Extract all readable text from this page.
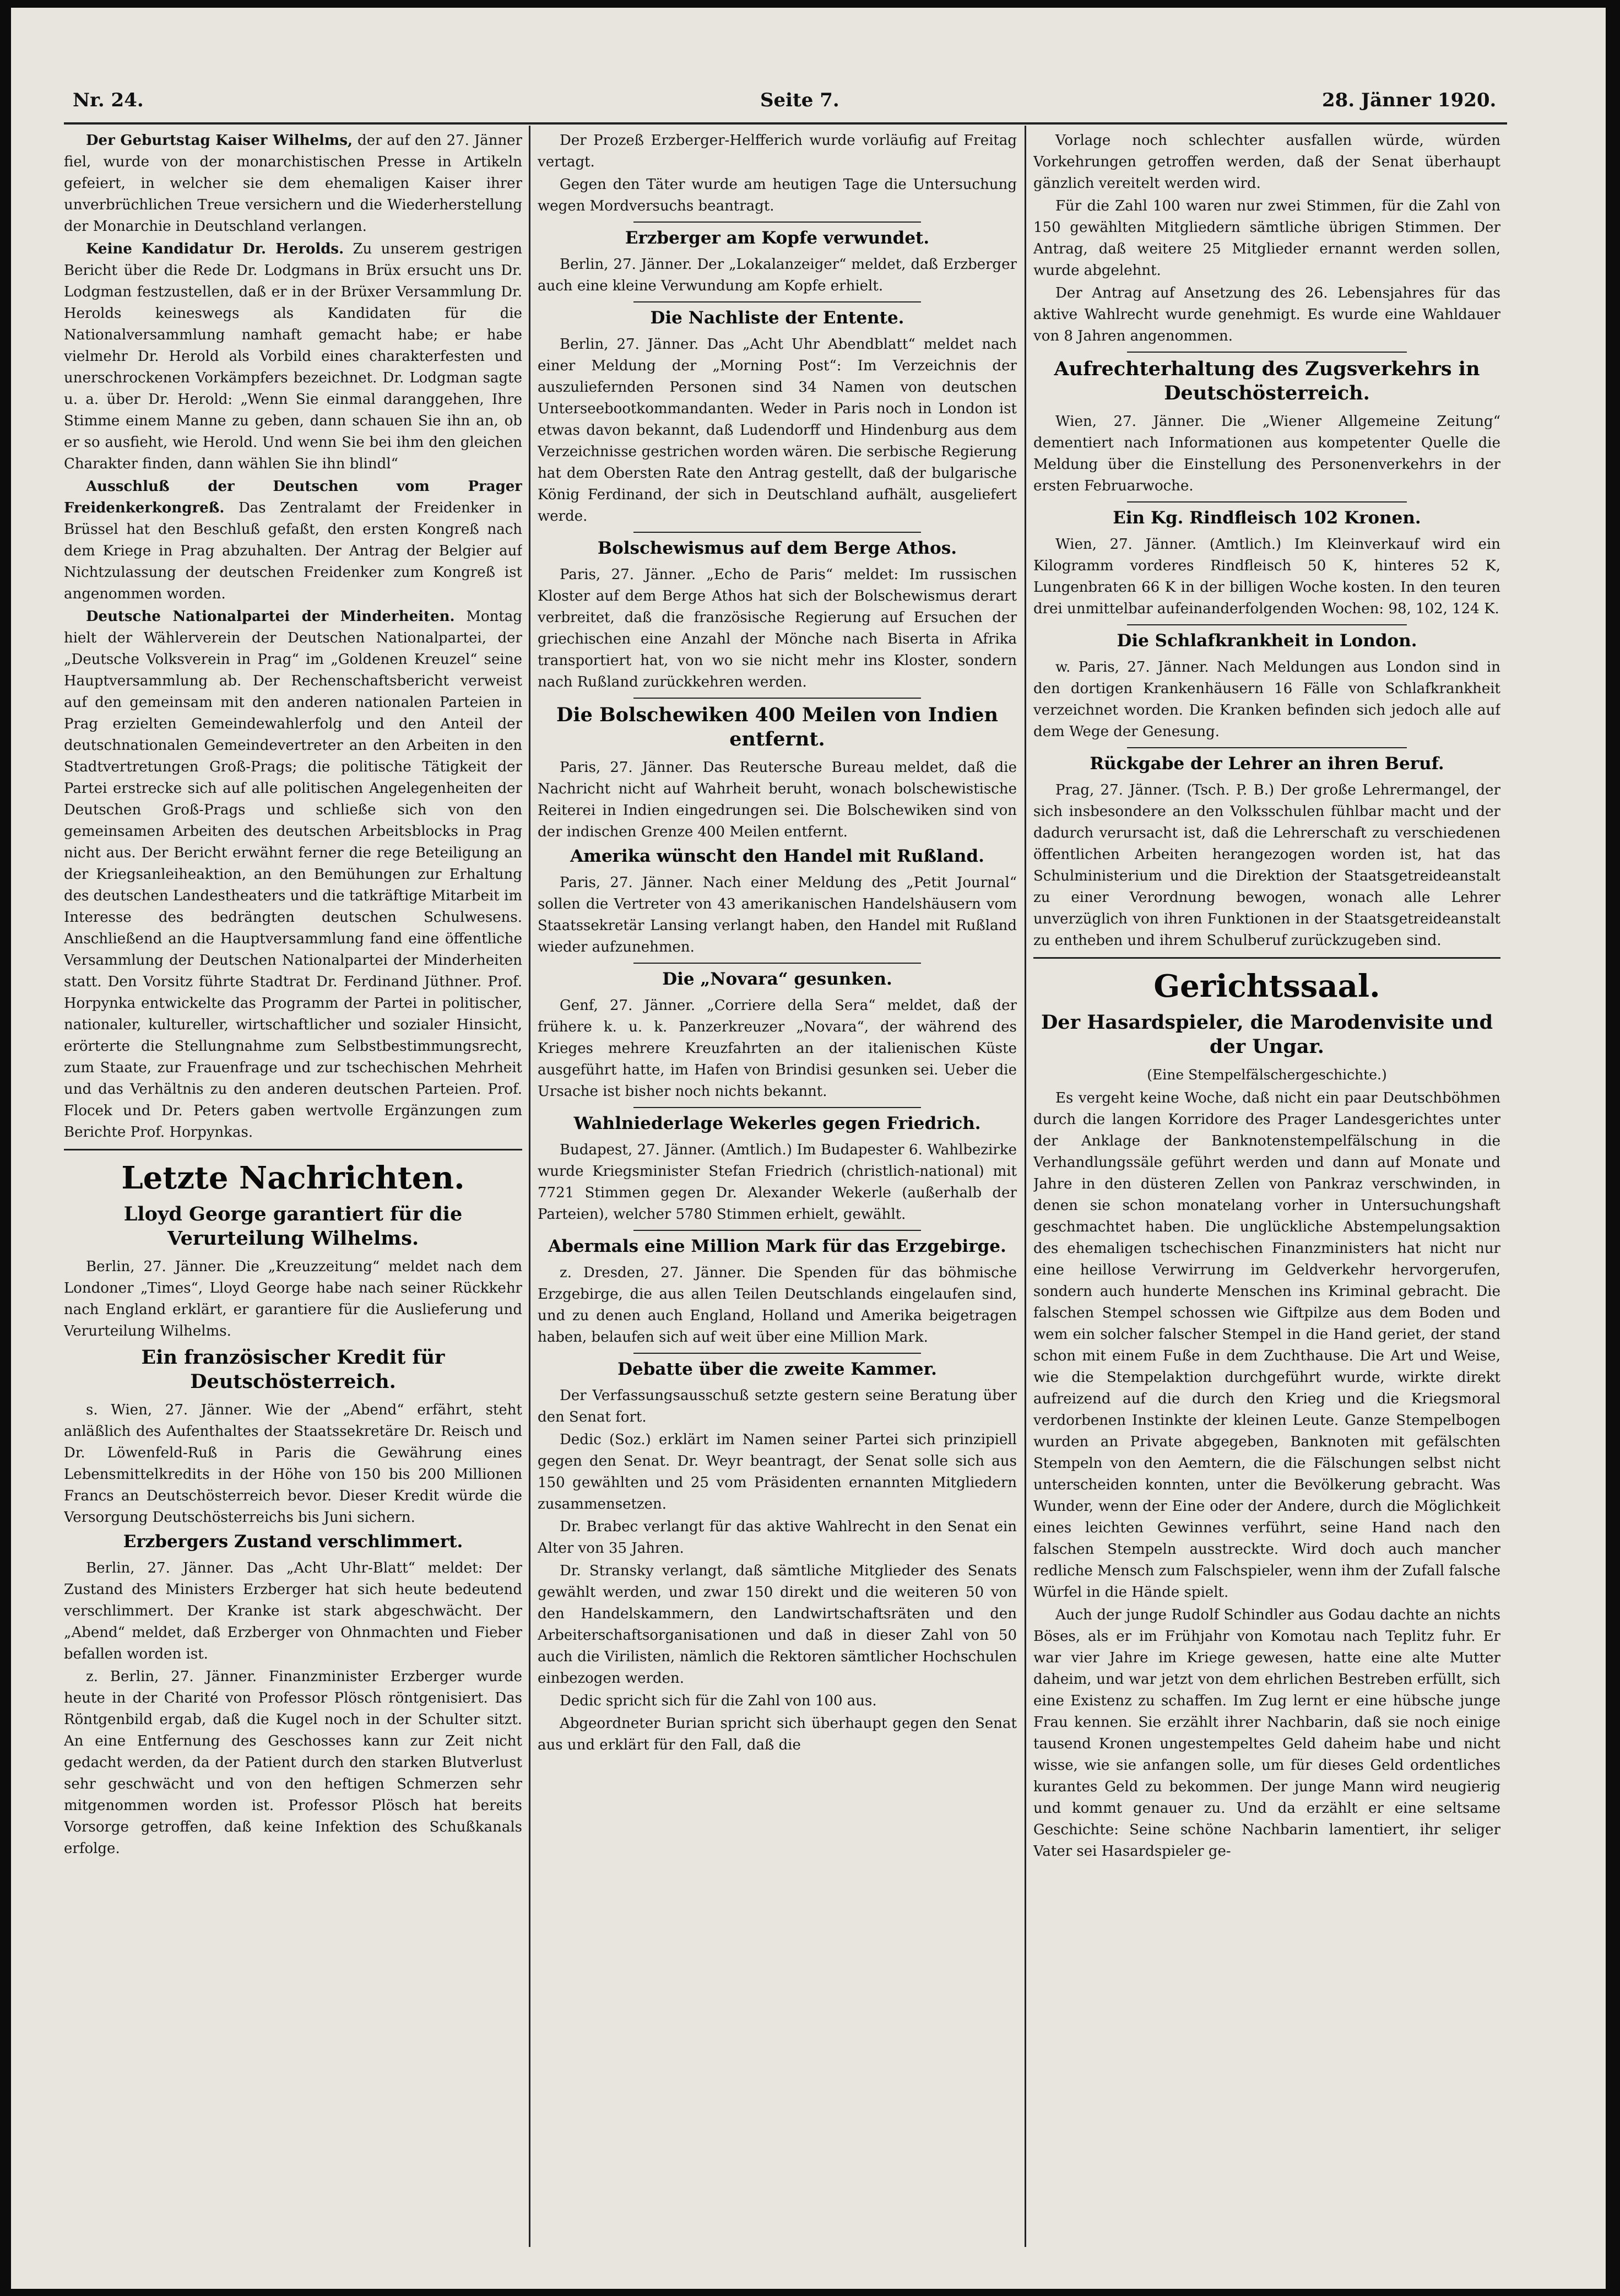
Nr. 24.	Seite 7.	28. Jänner 1920.

Der Geburtstag Kaiser Wilhelms, der auf den 27. Jänner fiel, wurde von der monarchistischen Presse in Artikeln gefeiert, in welcher sie dem ehemaligen Kaiser ihrer unverbrüchlichen Treue versichern und die Wiederherstellung der Monarchie in Deutschland verlangen.

Keine Kandidatur Dr. Herolds. Zu unserem gestrigen Bericht über die Rede Dr. Lodgmans in Brüx ersucht uns Dr. Lodgman festzustellen, daß er in der Brüxer Versammlung Dr. Herolds keineswegs als Kandidaten für die Nationalversammlung namhaft gemacht habe; er habe vielmehr Dr. Herold als Vorbild eines charakterfesten und unerschrockenen Vorkämpfers bezeichnet. Dr. Lodgman sagte u. a. über Dr. Herold: „Wenn Sie einmal daranggehen, Ihre Stimme einem Manne zu geben, dann schauen Sie ihn an, ob er so ausfieht, wie Herold. Und wenn Sie bei ihm den gleichen Charakter finden, dann wählen Sie ihn blindl“

Ausschluß der Deutschen vom Prager Freidenkerkongreß. Das Zentralamt der Freidenker in Brüssel hat den Beschluß gefaßt, den ersten Kongreß nach dem Kriege in Prag abzuhalten. Der Antrag der Belgier auf Nichtzulassung der deutschen Freidenker zum Kongreß ist angenommen worden.

Deutsche Nationalpartei der Minderheiten. Montag hielt der Wählerverein der Deutschen Nationalpartei, der „Deutsche Volksverein in Prag“ im „Goldenen Kreuzel“ seine Hauptversammlung ab. Der Rechenschaftsbericht verweist auf den gemeinsam mit den anderen nationalen Parteien in Prag erzielten Gemeindewahlerfolg und den Anteil der deutschnationalen Gemeindevertreter an den Arbeiten in den Stadtvertretungen Groß-Prags; die politische Tätigkeit der Partei erstrecke sich auf alle politischen Angelegenheiten der Deutschen Groß-Prags und schließe sich von den gemeinsamen Arbeiten des deutschen Arbeitsblocks in Prag nicht aus. Der Bericht erwähnt ferner die rege Beteiligung an der Kriegsanleiheaktion, an den Bemühungen zur Erhaltung des deutschen Landestheaters und die tatkräftige Mitarbeit im Interesse des bedrängten deutschen Schulwesens. Anschließend an die Hauptversammlung fand eine öffentliche Versammlung der Deutschen Nationalpartei der Minderheiten statt. Den Vorsitz führte Stadtrat Dr. Ferdinand Jüthner. Prof. Horpynka entwickelte das Programm der Partei in politischer, nationaler, kultureller, wirtschaftlicher und sozialer Hinsicht, erörterte die Stellungnahme zum Selbstbestimmungsrecht, zum Staate, zur Frauenfrage und zur tschechischen Mehrheit und das Verhältnis zu den anderen deutschen Parteien. Prof. Flocek und Dr. Peters gaben wertvolle Ergänzungen zum Berichte Prof. Horpynkas.

Letzte Nachrichten.
Lloyd George garantiert für die Verurteilung Wilhelms.

Berlin, 27. Jänner. Die „Kreuzzeitung“ meldet nach dem Londoner „Times“, Lloyd George habe nach seiner Rückkehr nach England erklärt, er garantiere für die Auslieferung und Verurteilung Wilhelms.

Ein französischer Kredit für Deutschösterreich.

s. Wien, 27. Jänner. Wie der „Abend“ erfährt, steht anläßlich des Aufenthaltes der Staatssekretäre Dr. Reisch und Dr. Löwenfeld-Ruß in Paris die Gewährung eines Lebensmittelkredits in der Höhe von 150 bis 200 Millionen Francs an Deutschösterreich bevor. Dieser Kredit würde die Versorgung Deutschösterreichs bis Juni sichern.

Erzbergers Zustand verschlimmert.

Berlin, 27. Jänner. Das „Acht Uhr-Blatt“ meldet: Der Zustand des Ministers Erzberger hat sich heute bedeutend verschlimmert. Der Kranke ist stark abgeschwächt. Der „Abend“ meldet, daß Erzberger von Ohnmachten und Fieber befallen worden ist.

z. Berlin, 27. Jänner. Finanzminister Erzberger wurde heute in der Charité von Professor Plösch röntgenisiert. Das Röntgenbild ergab, daß die Kugel noch in der Schulter sitzt. An eine Entfernung des Geschosses kann zur Zeit nicht gedacht werden, da der Patient durch den starken Blutverlust sehr geschwächt und von den heftigen Schmerzen sehr mitgenommen worden ist. Professor Plösch hat bereits Vorsorge getroffen, daß keine Infektion des Schußkanals erfolge.

Der Prozeß Erzberger-Helfferich wurde vorläufig auf Freitag vertagt.

Gegen den Täter wurde am heutigen Tage die Untersuchung wegen Mordversuchs beantragt.

Erzberger am Kopfe verwundet.

Berlin, 27. Jänner. Der „Lokalanzeiger“ meldet, daß Erzberger auch eine kleine Verwundung am Kopfe erhielt.

Die Nachliste der Entente.

Berlin, 27. Jänner. Das „Acht Uhr Abendblatt“ meldet nach einer Meldung der „Morning Post“: Im Verzeichnis der auszuliefernden Personen sind 34 Namen von deutschen Unterseebootkommandanten. Weder in Paris noch in London ist etwas davon bekannt, daß Ludendorff und Hindenburg aus dem Verzeichnisse gestrichen worden wären. Die serbische Regierung hat dem Obersten Rate den Antrag gestellt, daß der bulgarische König Ferdinand, der sich in Deutschland aufhält, ausgeliefert werde.

Bolschewismus auf dem Berge Athos.

Paris, 27. Jänner. „Echo de Paris“ meldet: Im russischen Kloster auf dem Berge Athos hat sich der Bolschewismus derart verbreitet, daß die französische Regierung auf Ersuchen der griechischen eine Anzahl der Mönche nach Biserta in Afrika transportiert hat, von wo sie nicht mehr ins Kloster, sondern nach Rußland zurückkehren werden.

Die Bolschewiken 400 Meilen von Indien entfernt.

Paris, 27. Jänner. Das Reutersche Bureau meldet, daß die Nachricht nicht auf Wahrheit beruht, wonach bolschewistische Reiterei in Indien eingedrungen sei. Die Bolschewiken sind von der indischen Grenze 400 Meilen entfernt.

Amerika wünscht den Handel mit Rußland.

Paris, 27. Jänner. Nach einer Meldung des „Petit Journal“ sollen die Vertreter von 43 amerikanischen Handelshäusern vom Staatssekretär Lansing verlangt haben, den Handel mit Rußland wieder aufzunehmen.

Die „Novara“ gesunken.

Genf, 27. Jänner. „Corriere della Sera“ meldet, daß der frühere k. u. k. Panzerkreuzer „Novara“, der während des Krieges mehrere Kreuzfahrten an der italienischen Küste ausgeführt hatte, im Hafen von Brindisi gesunken sei. Ueber die Ursache ist bisher noch nichts bekannt.

Wahlniederlage Wekerles gegen Friedrich.

Budapest, 27. Jänner. (Amtlich.) Im Budapester 6. Wahlbezirke wurde Kriegsminister Stefan Friedrich (christlich-national) mit 7721 Stimmen gegen Dr. Alexander Wekerle (außerhalb der Parteien), welcher 5780 Stimmen erhielt, gewählt.

Abermals eine Million Mark für das Erzgebirge.

z. Dresden, 27. Jänner. Die Spenden für das böhmische Erzgebirge, die aus allen Teilen Deutschlands eingelaufen sind, und zu denen auch England, Holland und Amerika beigetragen haben, belaufen sich auf weit über eine Million Mark.

Debatte über die zweite Kammer.

Der Verfassungsausschuß setzte gestern seine Beratung über den Senat fort.

Dedic (Soz.) erklärt im Namen seiner Partei sich prinzipiell gegen den Senat. Dr. Weyr beantragt, der Senat solle sich aus 150 gewählten und 25 vom Präsidenten ernannten Mitgliedern zusammensetzen.

Dr. Brabec verlangt für das aktive Wahlrecht in den Senat ein Alter von 35 Jahren.

Dr. Stransky verlangt, daß sämtliche Mitglieder des Senats gewählt werden, und zwar 150 direkt und die weiteren 50 von den Handelskammern, den Landwirtschaftsräten und den Arbeiterschaftsorganisationen und daß in dieser Zahl von 50 auch die Virilisten, nämlich die Rektoren sämtlicher Hochschulen einbezogen werden.

Dedic spricht sich für die Zahl von 100 aus.

Abgeordneter Burian spricht sich überhaupt gegen den Senat aus und erklärt für den Fall, daß die

Vorlage noch schlechter ausfallen würde, würden Vorkehrungen getroffen werden, daß der Senat überhaupt gänzlich vereitelt werden wird.

Für die Zahl 100 waren nur zwei Stimmen, für die Zahl von 150 gewählten Mitgliedern sämtliche übrigen Stimmen. Der Antrag, daß weitere 25 Mitglieder ernannt werden sollen, wurde abgelehnt.

Der Antrag auf Ansetzung des 26. Lebensjahres für das aktive Wahlrecht wurde genehmigt. Es wurde eine Wahldauer von 8 Jahren angenommen.

Aufrechterhaltung des Zugsverkehrs in Deutschösterreich.

Wien, 27. Jänner. Die „Wiener Allgemeine Zeitung“ dementiert nach Informationen aus kompetenter Quelle die Meldung über die Einstellung des Personenverkehrs in der ersten Februarwoche.

Ein Kg. Rindfleisch 102 Kronen.

Wien, 27. Jänner. (Amtlich.) Im Kleinverkauf wird ein Kilogramm vorderes Rindfleisch 50 K, hinteres 52 K, Lungenbraten 66 K in der billigen Woche kosten. In den teuren drei unmittelbar aufeinanderfolgenden Wochen: 98, 102, 124 K.

Die Schlafkrankheit in London.

w. Paris, 27. Jänner. Nach Meldungen aus London sind in den dortigen Krankenhäusern 16 Fälle von Schlafkrankheit verzeichnet worden. Die Kranken befinden sich jedoch alle auf dem Wege der Genesung.

Rückgabe der Lehrer an ihren Beruf.

Prag, 27. Jänner. (Tsch. P. B.) Der große Lehrermangel, der sich insbesondere an den Volksschulen fühlbar macht und der dadurch verursacht ist, daß die Lehrerschaft zu verschiedenen öffentlichen Arbeiten herangezogen worden ist, hat das Schulministerium und die Direktion der Staatsgetreideanstalt zu einer Verordnung bewogen, wonach alle Lehrer unverzüglich von ihren Funktionen in der Staatsgetreideanstalt zu entheben und ihrem Schulberuf zurückzugeben sind.

Gerichtssaal.
Der Hasardspieler, die Marodenvisite und der Ungar.
(Eine Stempelfälschergeschichte.)

Es vergeht keine Woche, daß nicht ein paar Deutschböhmen durch die langen Korridore des Prager Landesgerichtes unter der Anklage der Banknotenstempelfälschung in die Verhandlungssäle geführt werden und dann auf Monate und Jahre in den düsteren Zellen von Pankraz verschwinden, in denen sie schon monatelang vorher in Untersuchungshaft geschmachtet haben. Die unglückliche Abstempelungsaktion des ehemaligen tschechischen Finanzministers hat nicht nur eine heillose Verwirrung im Geldverkehr hervorgerufen, sondern auch hunderte Menschen ins Kriminal gebracht. Die falschen Stempel schossen wie Giftpilze aus dem Boden und wem ein solcher falscher Stempel in die Hand geriet, der stand schon mit einem Fuße in dem Zuchthause. Die Art und Weise, wie die Stempelaktion durchgeführt wurde, wirkte direkt aufreizend auf die durch den Krieg und die Kriegsmoral verdorbenen Instinkte der kleinen Leute. Ganze Stempelbogen wurden an Private abgegeben, Banknoten mit gefälschten Stempeln von den Aemtern, die die Fälschungen selbst nicht unterscheiden konnten, unter die Bevölkerung gebracht. Was Wunder, wenn der Eine oder der Andere, durch die Möglichkeit eines leichten Gewinnes verführt, seine Hand nach den falschen Stempeln ausstreckte. Wird doch auch mancher redliche Mensch zum Falschspieler, wenn ihm der Zufall falsche Würfel in die Hände spielt.

Auch der junge Rudolf Schindler aus Godau dachte an nichts Böses, als er im Frühjahr von Komotau nach Teplitz fuhr. Er war vier Jahre im Kriege gewesen, hatte eine alte Mutter daheim, und war jetzt von dem ehrlichen Bestreben erfüllt, sich eine Existenz zu schaffen. Im Zug lernt er eine hübsche junge Frau kennen. Sie erzählt ihrer Nachbarin, daß sie noch einige tausend Kronen ungestempeltes Geld daheim habe und nicht wisse, wie sie anfangen solle, um für dieses Geld ordentliches kurantes Geld zu bekommen. Der junge Mann wird neugierig und kommt genauer zu. Und da erzählt er eine seltsame Geschichte: Seine schöne Nachbarin lamentiert, ihr seliger Vater sei Hasardspieler ge-
